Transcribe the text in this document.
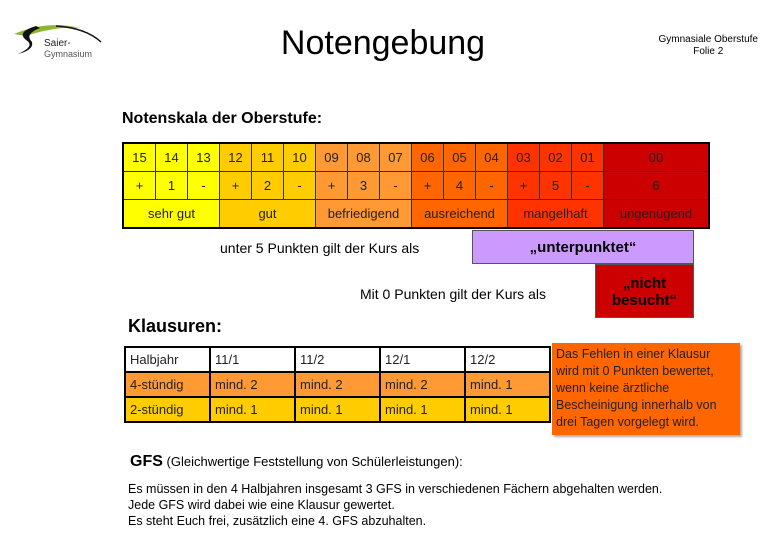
Saier-
Gymnasium	Notengebung	Gymnasiale Oberstufe
Folie 2
Notenskala der Oberstufe:
15	14	13	12	11	10	09	08	07	06	05	04	03	02	01	00
+	1	-	+	2	-	+	3	-	+	4	-	+	5	-	6
sehr gut			gut			befriedigend			ausreichend			mangelhaft			ungenügend
unter 5 Punkten gilt der Kurs als	„unterpunktet“
Mit 0 Punkten gilt der Kurs als
„nicht besucht“
Klausuren:
Halbjahr	11/1	11/2	12/1	12/2
4-stündig	mind. 2	mind. 2	mind. 2	mind. 1
2-stündig	mind. 1	mind. 1	mind. 1	mind. 1
Das Fehlen in einer Klausur wird mit 0 Punkten bewertet, wenn keine ärztliche Bescheinigung innerhalb von drei Tagen vorgelegt wird.
GFS (Gleichwertige Feststellung von Schülerleistungen):
Es müssen in den 4 Halbjahren insgesamt 3 GFS in verschiedenen Fächern abgehalten werden.
Jede GFS wird dabei wie eine Klausur gewertet.
Es steht Euch frei, zusätzlich eine 4. GFS abzuhalten.
